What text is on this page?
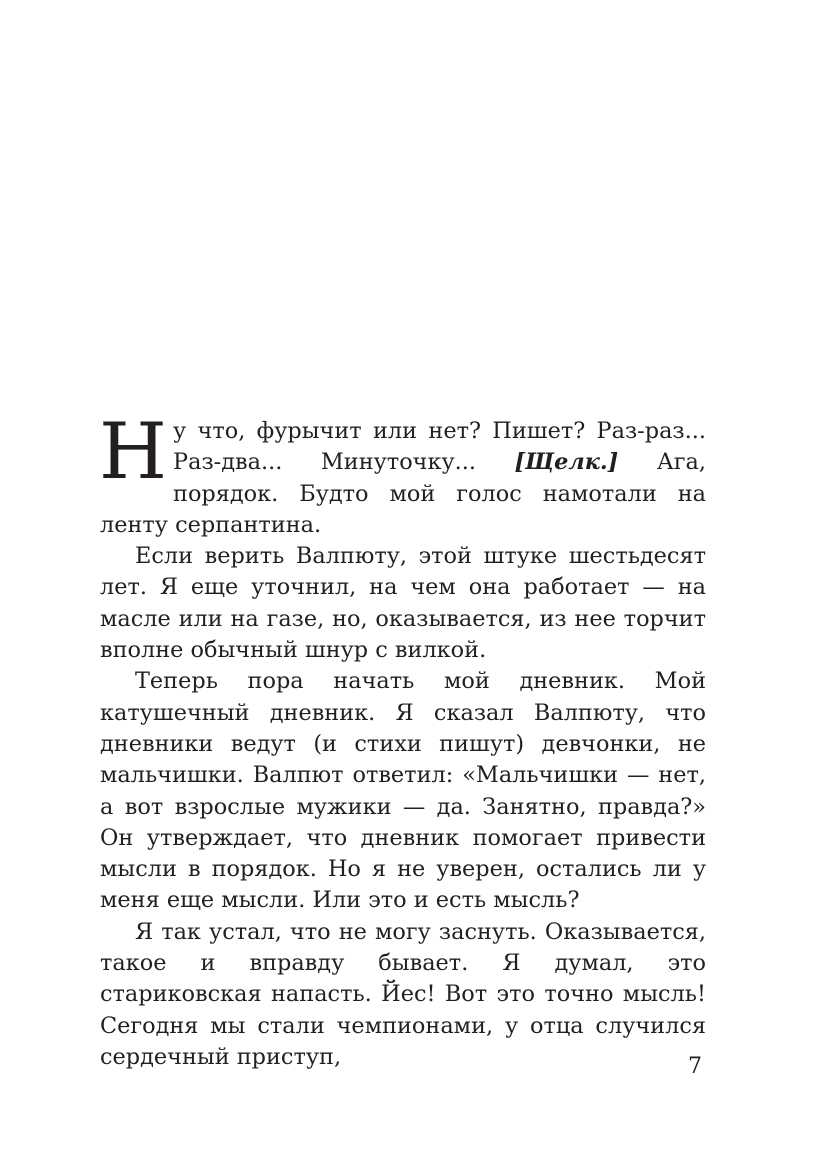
Ну что, фурычит или нет? Пишет? Раз-раз... Раз-два... Минуточку... [Щелк.] Ага, порядок. Будто мой голос намотали на ленту серпантина.

Если верить Валпюту, этой штуке шестьдесят лет. Я еще уточнил, на чем она работает — на масле или на газе, но, оказывается, из нее торчит вполне обычный шнур с вилкой.

Теперь пора начать мой дневник. Мой катушечный дневник. Я сказал Валпюту, что дневники ведут (и стихи пишут) девчонки, не мальчишки. Валпют ответил: «Мальчишки — нет, а вот взрослые мужики — да. Занятно, правда?» Он утверждает, что дневник помогает привести мысли в порядок. Но я не уверен, остались ли у меня еще мысли. Или это и есть мысль?

Я так устал, что не могу заснуть. Оказывается, такое и вправду бывает. Я думал, это стариковская напасть. Йес! Вот это точно мысль! Сегодня мы стали чемпионами, у отца случился сердечный приступ,	7
